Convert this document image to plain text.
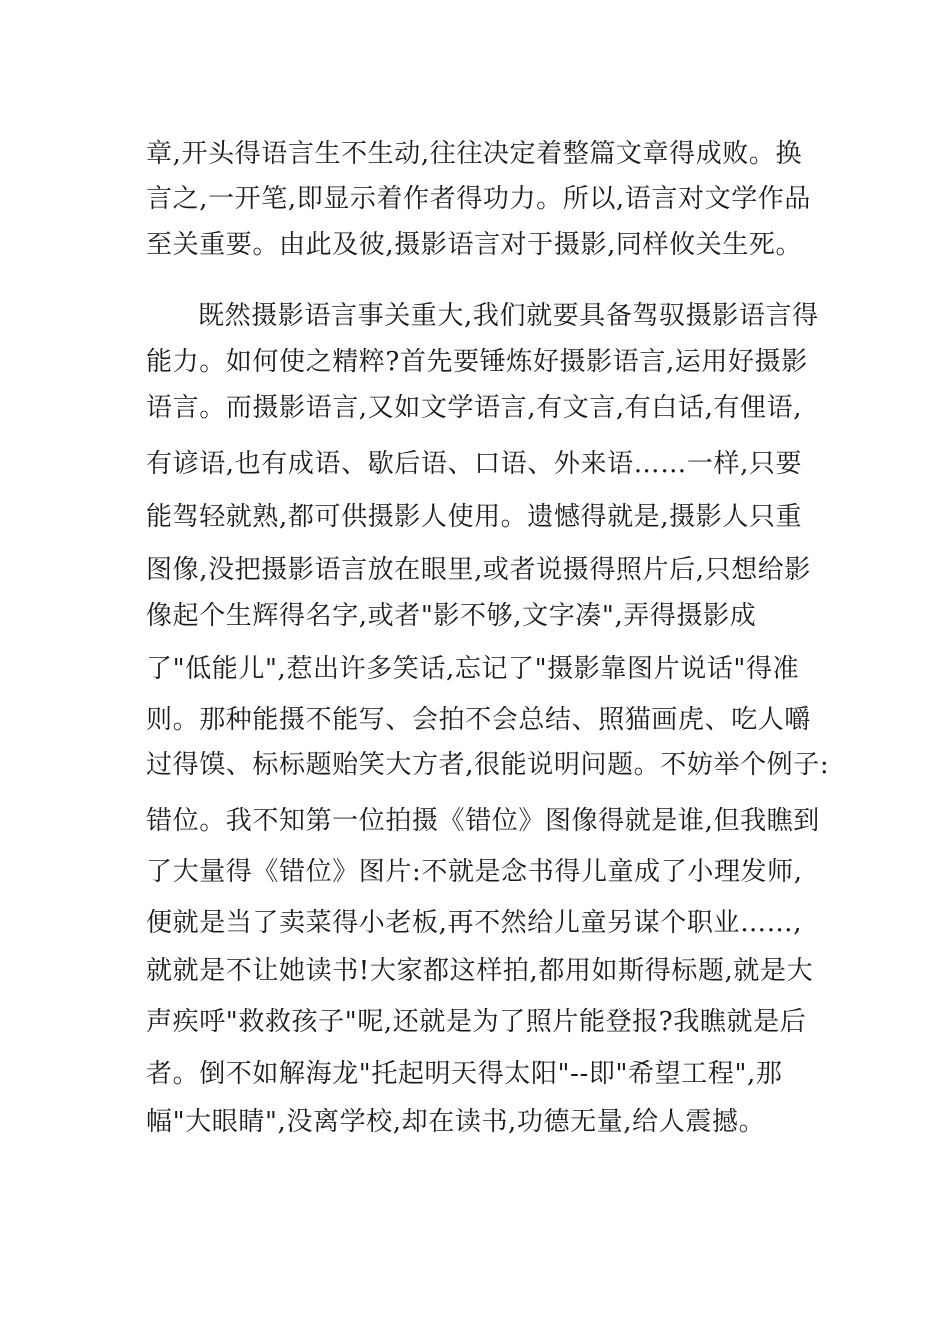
章,开头得语言生不生动,往往决定着整篇文章得成败。换
言之,一开笔,即显示着作者得功力。所以,语言对文学作品
至关重要。由此及彼,摄影语言对于摄影,同样攸关生死。
既然摄影语言事关重大,我们就要具备驾驭摄影语言得
能力。如何使之精粹?首先要锤炼好摄影语言,运用好摄影
语言。而摄影语言,又如文学语言,有文言,有白话,有俚语,
有谚语,也有成语、歇后语、口语、外来语……一样,只要
能驾轻就熟,都可供摄影人使用。遗憾得就是,摄影人只重
图像,没把摄影语言放在眼里,或者说摄得照片后,只想给影
像起个生辉得名字,或者"影不够,文字凑",弄得摄影成
了"低能儿",惹出许多笑话,忘记了"摄影靠图片说话"得准
则。那种能摄不能写、会拍不会总结、照猫画虎、吃人嚼
过得馍、标标题贻笑大方者,很能说明问题。不妨举个例子:
错位。我不知第一位拍摄《错位》图像得就是谁,但我瞧到
了大量得《错位》图片:不就是念书得儿童成了小理发师,
便就是当了卖菜得小老板,再不然给儿童另谋个职业……,
就就是不让她读书!大家都这样拍,都用如斯得标题,就是大
声疾呼"救救孩子"呢,还就是为了照片能登报?我瞧就是后
者。倒不如解海龙"托起明天得太阳"--即"希望工程",那
幅"大眼睛",没离学校,却在读书,功德无量,给人震撼。
